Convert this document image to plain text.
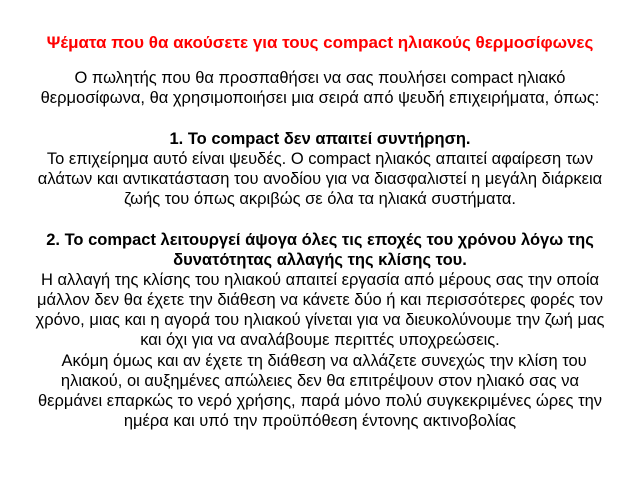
Ψέματα που θα ακούσετε για τους compact ηλιακούς θερμοσίφωνες
Ο πωλητής που θα προσπαθήσει να σας πουλήσει compact ηλιακό
θερμοσίφωνα, θα χρησιμοποιήσει μια σειρά από ψευδή επιχειρήματα, όπως:
1. Το compact δεν απαιτεί συντήρηση.
Το επιχείρημα αυτό είναι ψευδές. Ο compact ηλιακός απαιτεί αφαίρεση των
αλάτων και αντικατάσταση του ανοδίου για να διασφαλιστεί η μεγάλη διάρκεια
ζωής του όπως ακριβώς σε όλα τα ηλιακά συστήματα.
2. Το compact λειτουργεί άψογα όλες τις εποχές του χρόνου λόγω της
δυνατότητας αλλαγής της κλίσης του.
Η αλλαγή της κλίσης του ηλιακού απαιτεί εργασία από μέρους σας την οποία
μάλλον δεν θα έχετε την διάθεση να κάνετε δύο ή και περισσότερες φορές τον
χρόνο, μιας και η αγορά του ηλιακού γίνεται για να διευκολύνουμε την ζωή μας
και όχι για να αναλάβουμε περιττές υποχρεώσεις.
Ακόμη όμως και αν έχετε τη διάθεση να αλλάζετε συνεχώς την κλίση του
ηλιακού, οι αυξημένες απώλειες δεν θα επιτρέψουν στον ηλιακό σας να
θερμάνει επαρκώς το νερό χρήσης, παρά μόνο πολύ συγκεκριμένες ώρες την
ημέρα και υπό την προϋπόθεση έντονης ακτινοβολίας
